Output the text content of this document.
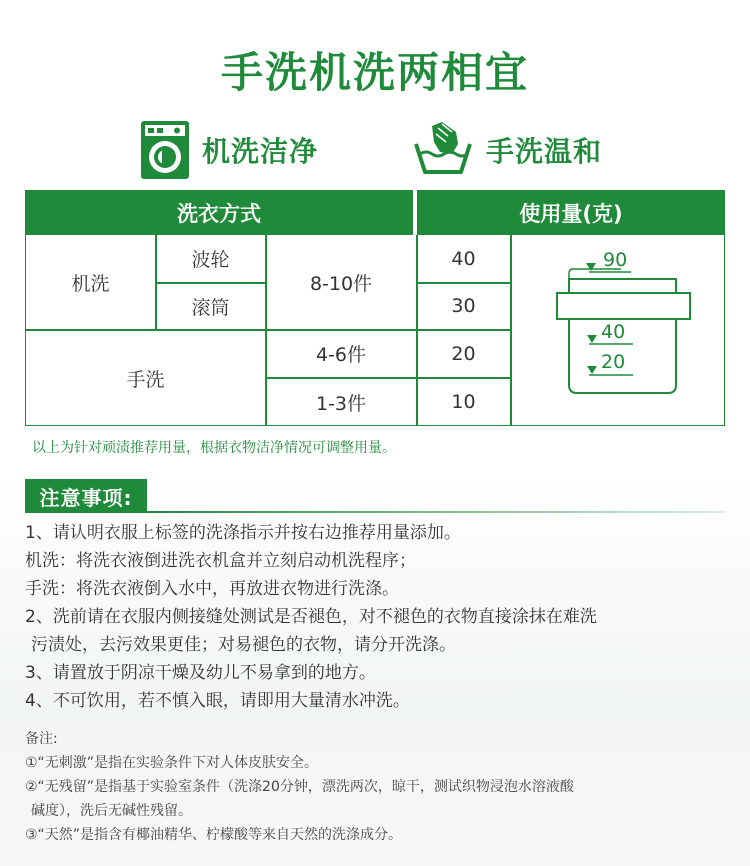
手洗机洗两相宜
机洗洁净	手洗温和
洗衣方式	使用量(克)
机洗
波轮
滚筒
8-10件
手洗
4-6件
1-3件
40
30
20
10
90
40
20

以上为针对顽渍推荐用量，根据衣物洁净情况可调整用量。

注意事项:

1、请认明衣服上标签的洗涤指示并按右边推荐用量添加。

机洗：将洗衣液倒进洗衣机盒并立刻启动机洗程序；

手洗：将洗衣液倒入水中，再放进衣物进行洗涤。

2、洗前请在衣服内侧接缝处测试是否褪色，对不褪色的衣物直接涂抹在难洗

污渍处，去污效果更佳；对易褪色的衣物，请分开洗涤。

3、请置放于阴凉干燥及幼儿不易拿到的地方。

4、不可饮用，若不慎入眼，请即用大量清水冲洗。

备注:

①“无刺激”是指在实验条件下对人体皮肤安全。

②“无残留”是指基于实验室条件（洗涤20分钟，漂洗两次，晾干，测试织物浸泡水溶液酸

碱度），洗后无碱性残留。

③“天然”是指含有椰油精华、柠檬酸等来自天然的洗涤成分。
